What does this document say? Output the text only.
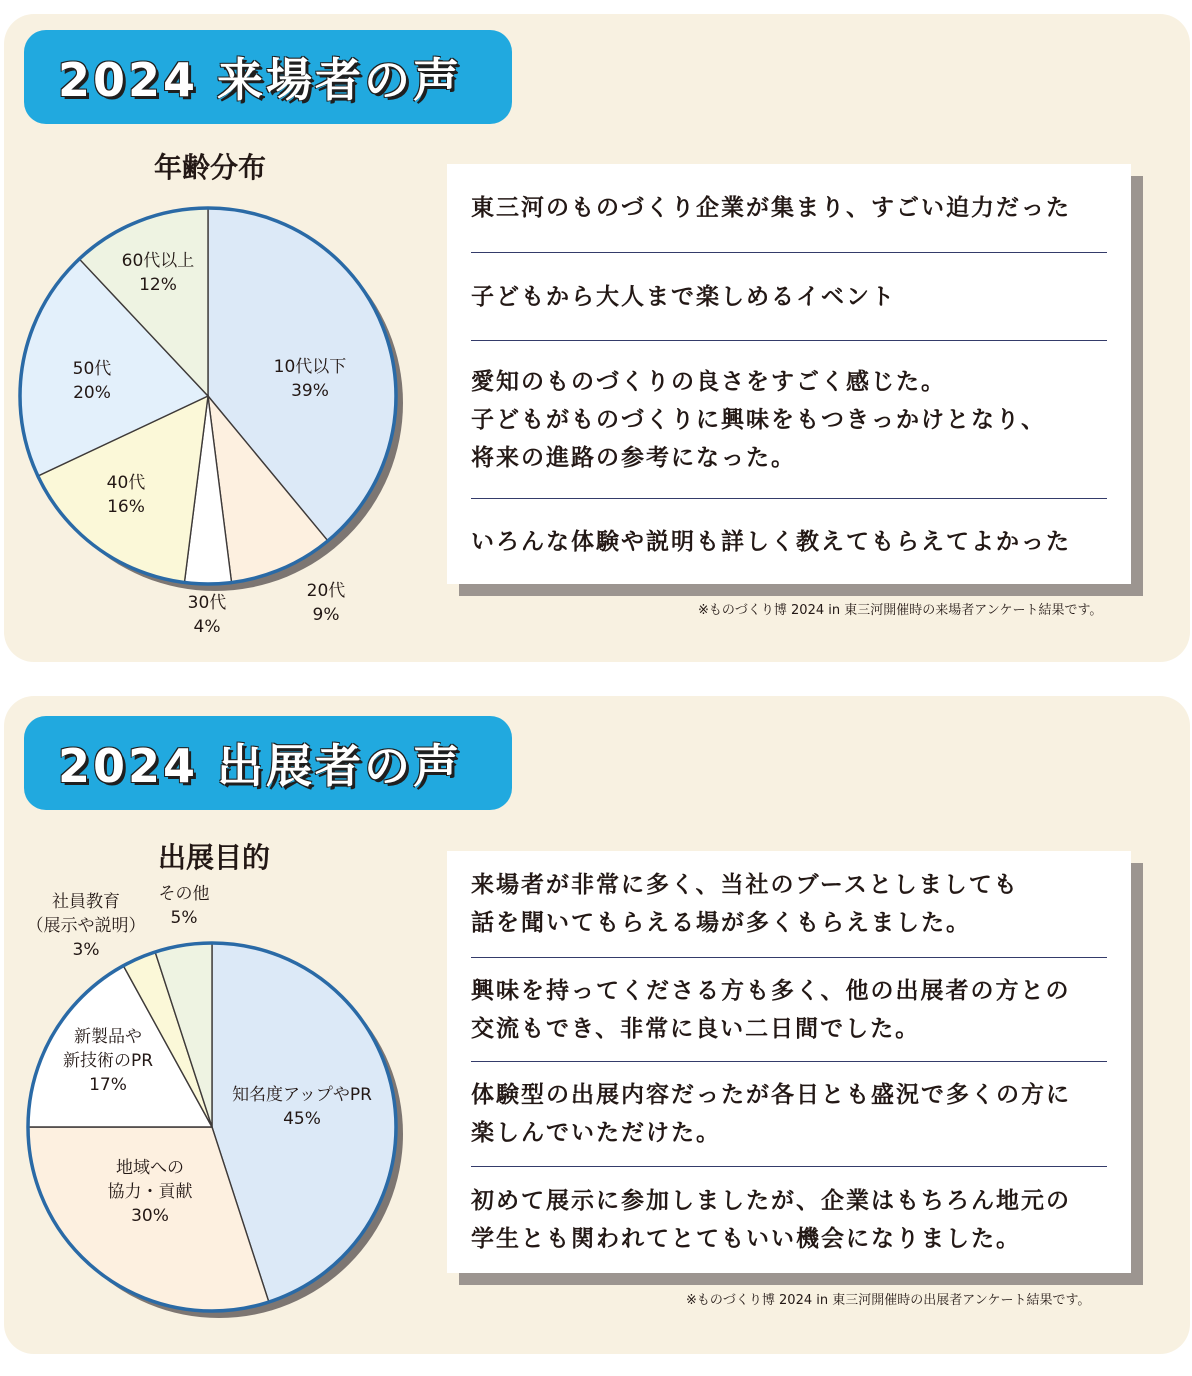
2024 来場者の声
年齢分布
東三河のものづくり企業が集まり、すごい迫力だった
子どもから大人まで楽しめるイベント
愛知のものづくりの良さをすごく感じた。
子どもがものづくりに興味をもつきっかけとなり、
将来の進路の参考になった。
いろんな体験や説明も詳しく教えてもらえてよかった
※ものづくり博 2024 in 東三河開催時の来場者アンケート結果です。
2024 出展者の声
出展目的
来場者が非常に多く、当社のブースとしましても
話を聞いてもらえる場が多くもらえました。
興味を持ってくださる方も多く、他の出展者の方との
交流もでき、非常に良い二日間でした。
体験型の出展内容だったが各日とも盛況で多くの方に
楽しんでいただけた。
初めて展示に参加しましたが、企業はもちろん地元の
学生とも関われてとてもいい機会になりました。
※ものづくり博 2024 in 東三河開催時の出展者アンケート結果です。
10代以下 39%
20代 9%
30代 4%
40代 16%
50代 20%
60代以上 12%
知名度アップやPR 45%
地域への協力・貢献 30%
新製品や新技術のPR 17%
社員教育（展示や説明） 3%
その他 5%
